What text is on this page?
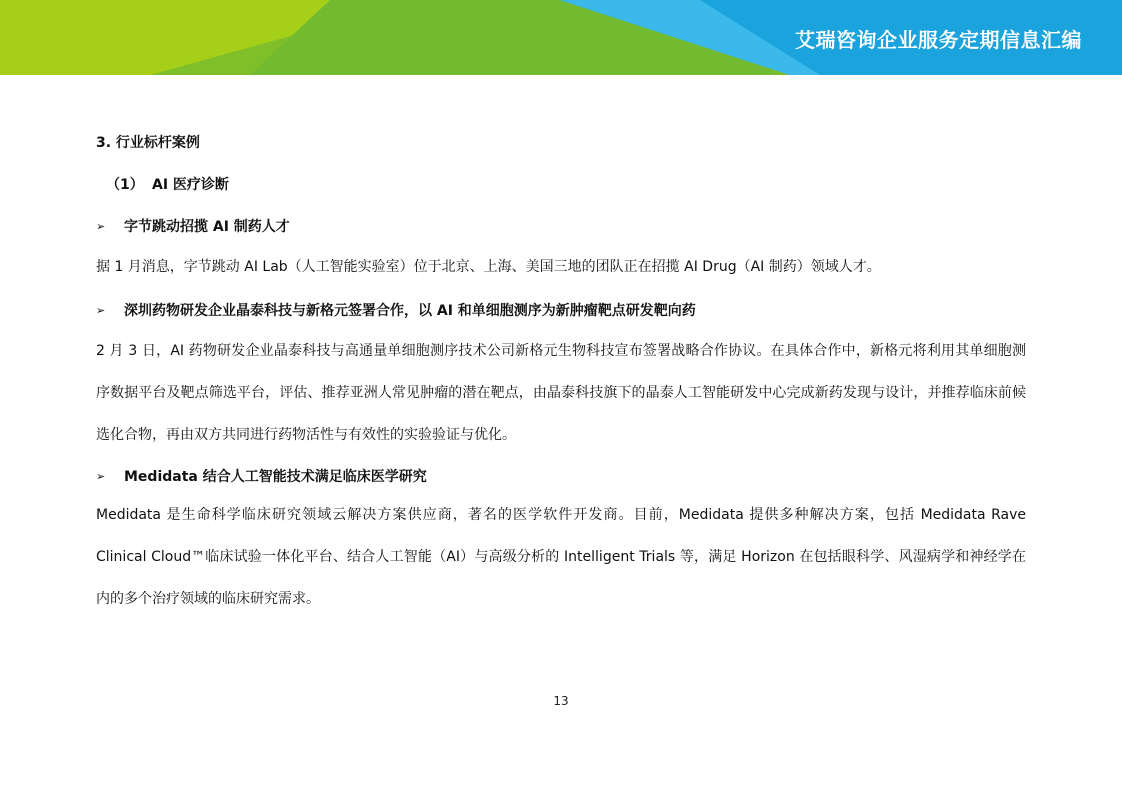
艾瑞咨询企业服务定期信息汇编
3. 行业标杆案例
（1） AI 医疗诊断
➢ 字节跳动招揽 AI 制药人才
据 1 月消息，字节跳动 AI Lab（人工智能实验室）位于北京、上海、美国三地的团队正在招揽 AI Drug（AI 制药）领域人才。
➢ 深圳药物研发企业晶泰科技与新格元签署合作，以 AI 和单细胞测序为新肿瘤靶点研发靶向药
2 月 3 日，AI 药物研发企业晶泰科技与高通量单细胞测序技术公司新格元生物科技宣布签署战略合作协议。在具体合作中，新格元将利用其单细胞测序数据平台及靶点筛选平台，评估、推荐亚洲人常见肿瘤的潜在靶点，由晶泰科技旗下的晶泰人工智能研发中心完成新药发现与设计，并推荐临床前候选化合物，再由双方共同进行药物活性与有效性的实验验证与优化。
➢ Medidata 结合人工智能技术满足临床医学研究
Medidata 是生命科学临床研究领域云解决方案供应商，著名的医学软件开发商。目前，Medidata 提供多种解决方案，包括 Medidata Rave Clinical Cloud™临床试验一体化平台、结合人工智能（AI）与高级分析的 Intelligent Trials 等，满足 Horizon 在包括眼科学、风湿病学和神经学在内的多个治疗领域的临床研究需求。
13
